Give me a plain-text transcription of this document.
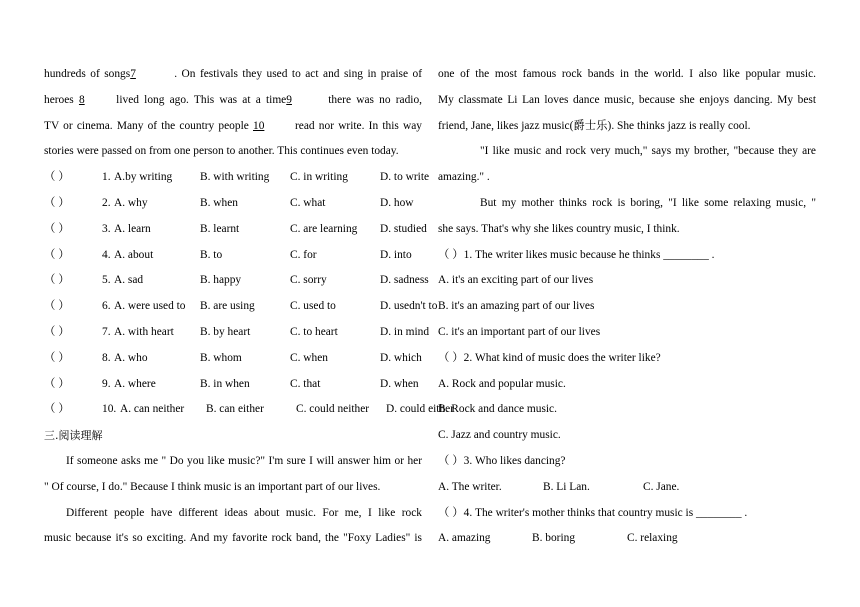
hundreds of songs7	. On festivals they used to act and sing in praise of
heroes 8 lived long ago. This was at a time9	there was no radio,
TV or cinema. Many of the country people 10	read nor write. In this way
stories were passed on from one person to another. This continues even today.
（ ）	1. A.by writing B. with writing C. in writing	D. to write
（ ）	2. A. why	B. when	C. what	D. how
（ ）	3. A. learn	B. learnt	C. are learning D. studied
（ ）	4. A. about	B. to	C. for	D. into
（ ）	5. A. sad	B. happy	C. sorry	D. sadness
（ ）	6. A. were used to B. are using	C. used to	D. usedn't to
（ ）	7. A. with heart B. by heart	C. to heart	D. in mind
（ ）	8. A. who	B. whom	C. when	D. which
（ ）	9. A. where	B. in when	C. that	D. when
（ ）	10. A. can neither B. can either	C. could neither D. could either
三.阅读理解
If someone asks me " Do you like music?" I'm sure I will answer him or her
" Of course, I do." Because I think music is an important part of our lives.
Different people have different ideas about music. For me, I like rock
music because it's so exciting. And my favorite rock band, the "Foxy Ladies" is
one of the most famous rock bands in the world. I also like popular music.
My classmate Li Lan loves dance music, because she enjoys dancing. My best
friend, Jane, likes jazz music(爵士乐). She thinks jazz is really cool.
"I like music and rock very much," says my brother, "because they are
amazing." .
But my mother thinks rock is boring, "I like some relaxing music, "
she says. That's why she likes country music, I think.
（ ）1. The writer likes music because he thinks ________ .
A. it's an exciting part of our lives
B. it's an amazing part of our lives
C. it's an important part of our lives
（ ）2. What kind of music does the writer like?
A. Rock and popular music.
B. Rock and dance music.
C. Jazz and country music.
（ ）3. Who likes dancing?
A. The writer.	B. Li Lan.	C. Jane.
（ ）4. The writer's mother thinks that country music is ________ .
A. amazing	B. boring	C. relaxing
